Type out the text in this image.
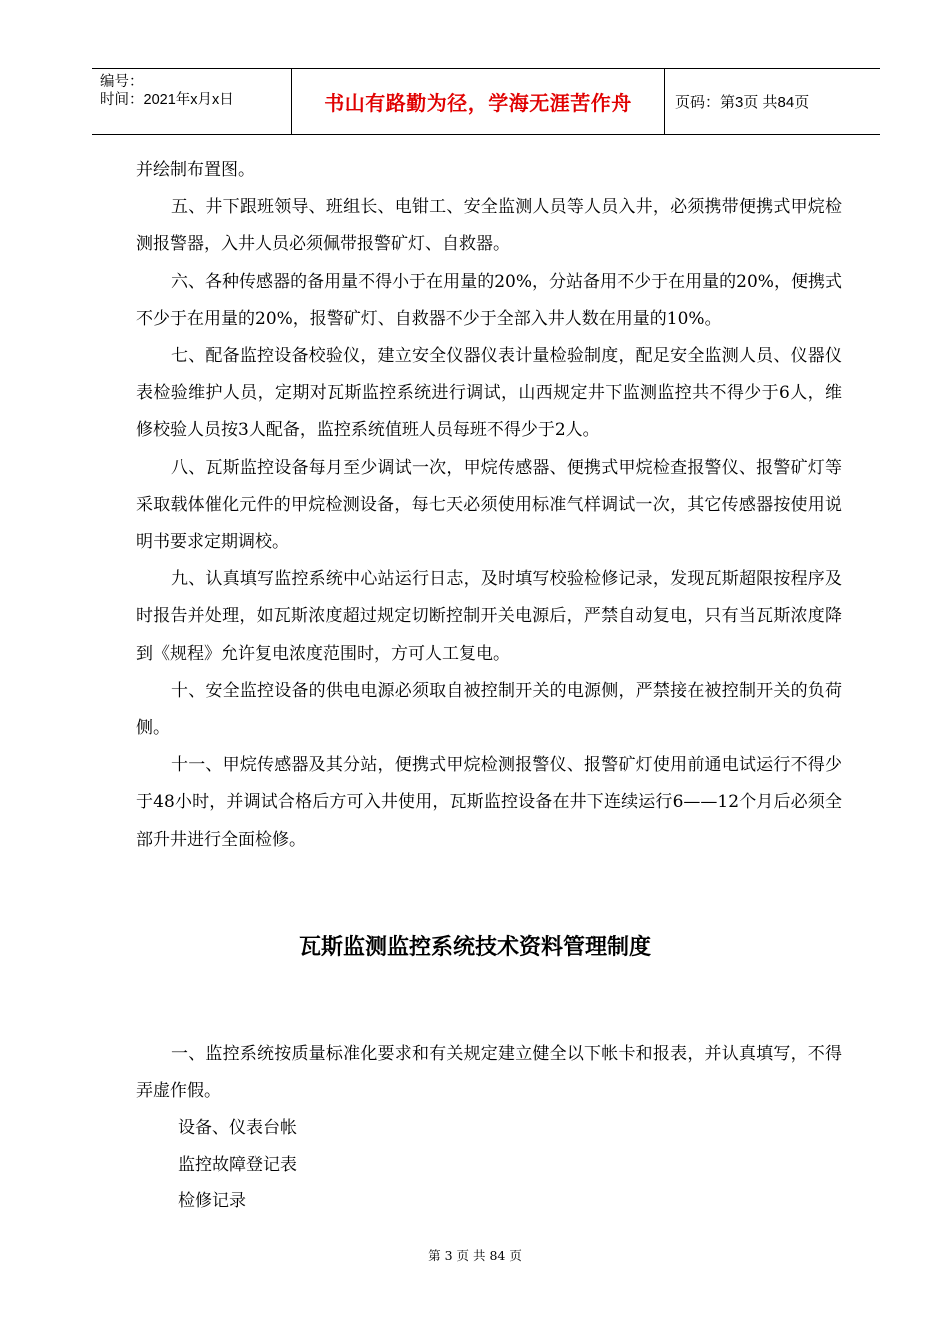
编号：
时间：2021年x月x日	书山有路勤为径，学海无涯苦作舟	页码：第3页 共84页

并绘制布置图。

五、井下跟班领导、班组长、电钳工、安全监测人员等人员入井，必须携带便携式甲烷检测报警器，入井人员必须佩带报警矿灯、自救器。

六、各种传感器的备用量不得小于在用量的20%，分站备用不少于在用量的20%，便携式不少于在用量的20%，报警矿灯、自救器不少于全部入井人数在用量的10%。

七、配备监控设备校验仪，建立安全仪器仪表计量检验制度，配足安全监测人员、仪器仪表检验维护人员，定期对瓦斯监控系统进行调试，山西规定井下监测监控共不得少于6人，维修校验人员按3人配备，监控系统值班人员每班不得少于2人。

八、瓦斯监控设备每月至少调试一次，甲烷传感器、便携式甲烷检查报警仪、报警矿灯等采取载体催化元件的甲烷检测设备，每七天必须使用标准气样调试一次，其它传感器按使用说明书要求定期调校。

九、认真填写监控系统中心站运行日志，及时填写校验检修记录，发现瓦斯超限按程序及时报告并处理，如瓦斯浓度超过规定切断控制开关电源后，严禁自动复电，只有当瓦斯浓度降到《规程》允许复电浓度范围时，方可人工复电。

十、安全监控设备的供电电源必须取自被控制开关的电源侧，严禁接在被控制开关的负荷侧。

十一、甲烷传感器及其分站，便携式甲烷检测报警仪、报警矿灯使用前通电试运行不得少于48小时，并调试合格后方可入井使用，瓦斯监控设备在井下连续运行6——12个月后必须全部升井进行全面检修。

瓦斯监测监控系统技术资料管理制度

一、监控系统按质量标准化要求和有关规定建立健全以下帐卡和报表，并认真填写，不得弄虚作假。

设备、仪表台帐

监控故障登记表

检修记录

第 3 页 共 84 页
